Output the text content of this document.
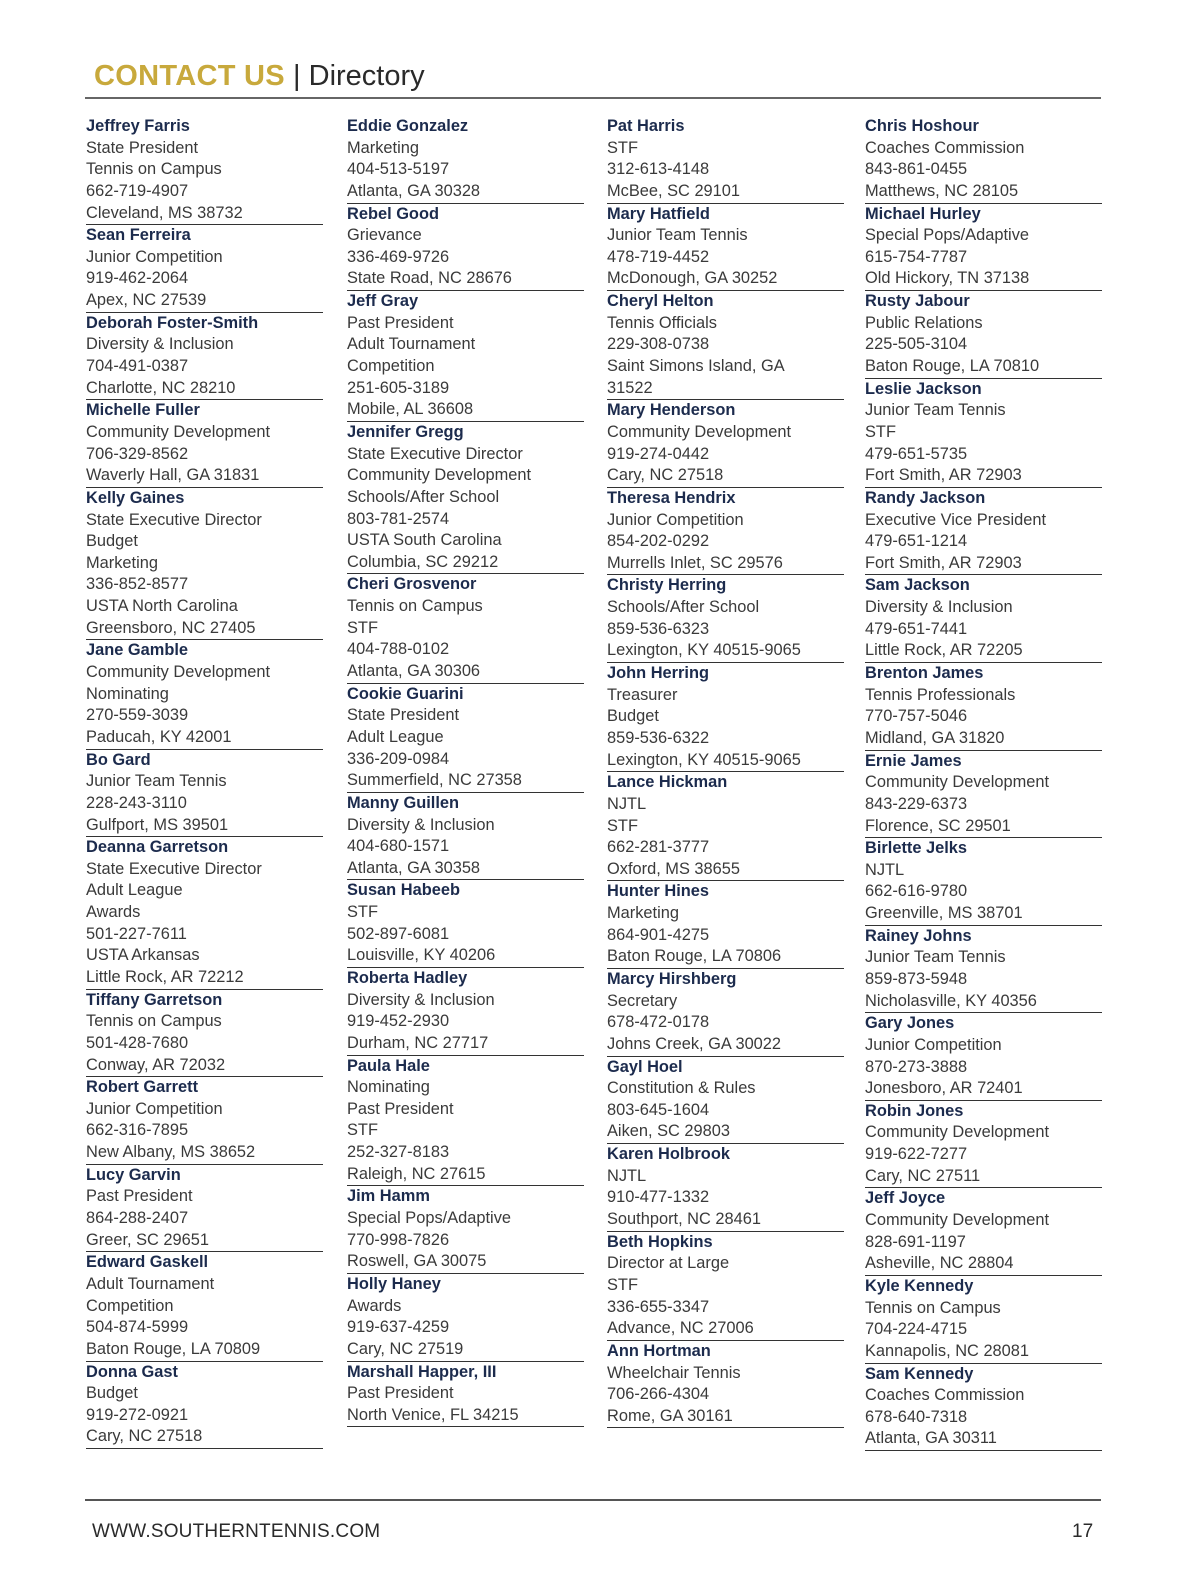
CONTACT US | Directory
Jeffrey Farris
State President
Tennis on Campus
662-719-4907
Cleveland, MS 38732
Sean Ferreira
Junior Competition
919-462-2064
Apex, NC 27539
Deborah Foster-Smith
Diversity & Inclusion
704-491-0387
Charlotte, NC 28210
Michelle Fuller
Community Development
706-329-8562
Waverly Hall, GA 31831
Kelly Gaines
State Executive Director
Budget
Marketing
336-852-8577
USTA North Carolina
Greensboro, NC 27405
Jane Gamble
Community Development
Nominating
270-559-3039
Paducah, KY 42001
Bo Gard
Junior Team Tennis
228-243-3110
Gulfport, MS 39501
Deanna Garretson
State Executive Director
Adult League
Awards
501-227-7611
USTA Arkansas
Little Rock, AR 72212
Tiffany Garretson
Tennis on Campus
501-428-7680
Conway, AR 72032
Robert Garrett
Junior Competition
662-316-7895
New Albany, MS 38652
Lucy Garvin
Past President
864-288-2407
Greer, SC 29651
Edward Gaskell
Adult Tournament
Competition
504-874-5999
Baton Rouge, LA 70809
Donna Gast
Budget
919-272-0921
Cary, NC 27518
Eddie Gonzalez
Marketing
404-513-5197
Atlanta, GA 30328
Rebel Good
Grievance
336-469-9726
State Road, NC 28676
Jeff Gray
Past President
Adult Tournament
Competition
251-605-3189
Mobile, AL 36608
Jennifer Gregg
State Executive Director
Community Development
Schools/After School
803-781-2574
USTA South Carolina
Columbia, SC 29212
Cheri Grosvenor
Tennis on Campus
STF
404-788-0102
Atlanta, GA 30306
Cookie Guarini
State President
Adult League
336-209-0984
Summerfield, NC 27358
Manny Guillen
Diversity & Inclusion
404-680-1571
Atlanta, GA 30358
Susan Habeeb
STF
502-897-6081
Louisville, KY 40206
Roberta Hadley
Diversity & Inclusion
919-452-2930
Durham, NC 27717
Paula Hale
Nominating
Past President
STF
252-327-8183
Raleigh, NC 27615
Jim Hamm
Special Pops/Adaptive
770-998-7826
Roswell, GA 30075
Holly Haney
Awards
919-637-4259
Cary, NC 27519
Marshall Happer, III
Past President
North Venice, FL 34215
Pat Harris
STF
312-613-4148
McBee, SC 29101
Mary Hatfield
Junior Team Tennis
478-719-4452
McDonough, GA 30252
Cheryl Helton
Tennis Officials
229-308-0738
Saint Simons Island, GA
31522
Mary Henderson
Community Development
919-274-0442
Cary, NC 27518
Theresa Hendrix
Junior Competition
854-202-0292
Murrells Inlet, SC 29576
Christy Herring
Schools/After School
859-536-6323
Lexington, KY 40515-9065
John Herring
Treasurer
Budget
859-536-6322
Lexington, KY 40515-9065
Lance Hickman
NJTL
STF
662-281-3777
Oxford, MS 38655
Hunter Hines
Marketing
864-901-4275
Baton Rouge, LA 70806
Marcy Hirshberg
Secretary
678-472-0178
Johns Creek, GA 30022
Gayl Hoel
Constitution & Rules
803-645-1604
Aiken, SC 29803
Karen Holbrook
NJTL
910-477-1332
Southport, NC 28461
Beth Hopkins
Director at Large
STF
336-655-3347
Advance, NC 27006
Ann Hortman
Wheelchair Tennis
706-266-4304
Rome, GA 30161
Chris Hoshour
Coaches Commission
843-861-0455
Matthews, NC 28105
Michael Hurley
Special Pops/Adaptive
615-754-7787
Old Hickory, TN 37138
Rusty Jabour
Public Relations
225-505-3104
Baton Rouge, LA 70810
Leslie Jackson
Junior Team Tennis
STF
479-651-5735
Fort Smith, AR 72903
Randy Jackson
Executive Vice President
479-651-1214
Fort Smith, AR 72903
Sam Jackson
Diversity & Inclusion
479-651-7441
Little Rock, AR 72205
Brenton James
Tennis Professionals
770-757-5046
Midland, GA 31820
Ernie James
Community Development
843-229-6373
Florence, SC 29501
Birlette Jelks
NJTL
662-616-9780
Greenville, MS 38701
Rainey Johns
Junior Team Tennis
859-873-5948
Nicholasville, KY 40356
Gary Jones
Junior Competition
870-273-3888
Jonesboro, AR 72401
Robin Jones
Community Development
919-622-7277
Cary, NC 27511
Jeff Joyce
Community Development
828-691-1197
Asheville, NC 28804
Kyle Kennedy
Tennis on Campus
704-224-4715
Kannapolis, NC 28081
Sam Kennedy
Coaches Commission
678-640-7318
Atlanta, GA 30311
WWW.SOUTHERNTENNIS.COM	17
